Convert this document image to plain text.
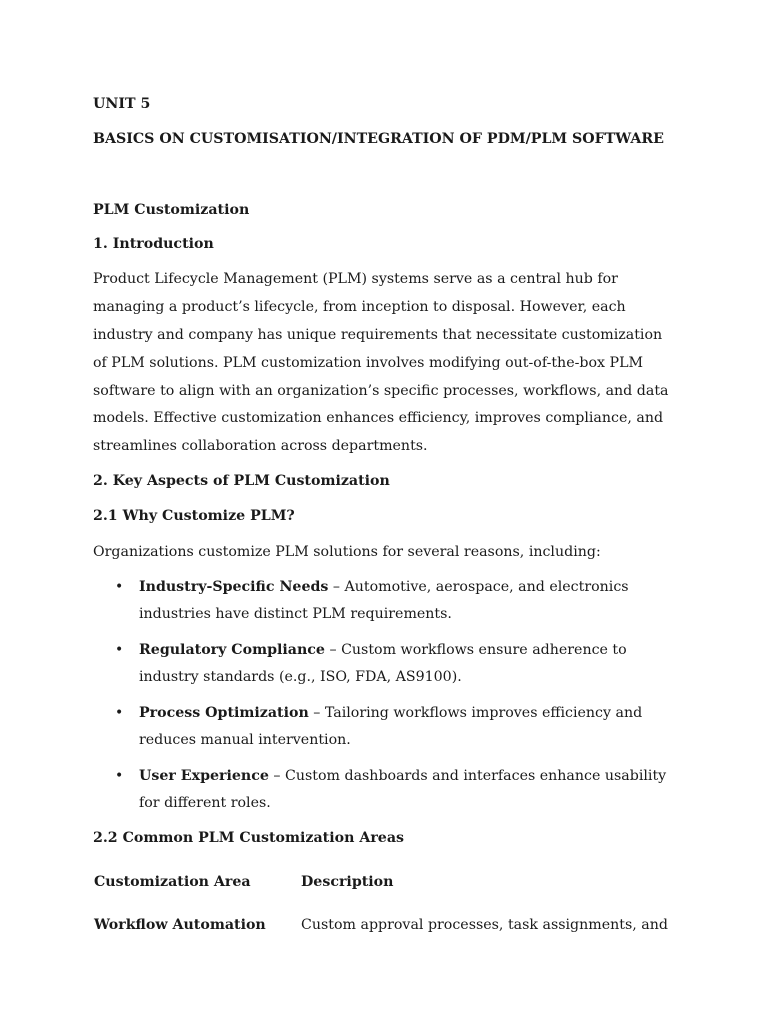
UNIT 5
BASICS ON CUSTOMISATION/INTEGRATION OF PDM/PLM SOFTWARE
PLM Customization
1. Introduction
Product Lifecycle Management (PLM) systems serve as a central hub for
managing a product’s lifecycle, from inception to disposal. However, each
industry and company has unique requirements that necessitate customization
of PLM solutions. PLM customization involves modifying out-of-the-box PLM
software to align with an organization’s specific processes, workflows, and data
models. Effective customization enhances efficiency, improves compliance, and
streamlines collaboration across departments.
2. Key Aspects of PLM Customization
2.1 Why Customize PLM?
Organizations customize PLM solutions for several reasons, including:
• Industry-Specific Needs – Automotive, aerospace, and electronics
industries have distinct PLM requirements.
• Regulatory Compliance – Custom workflows ensure adherence to
industry standards (e.g., ISO, FDA, AS9100).
• Process Optimization – Tailoring workflows improves efficiency and
reduces manual intervention.
• User Experience – Custom dashboards and interfaces enhance usability
for different roles.
2.2 Common PLM Customization Areas
Customization Area	Description
Workflow Automation Custom approval processes, task assignments, and
